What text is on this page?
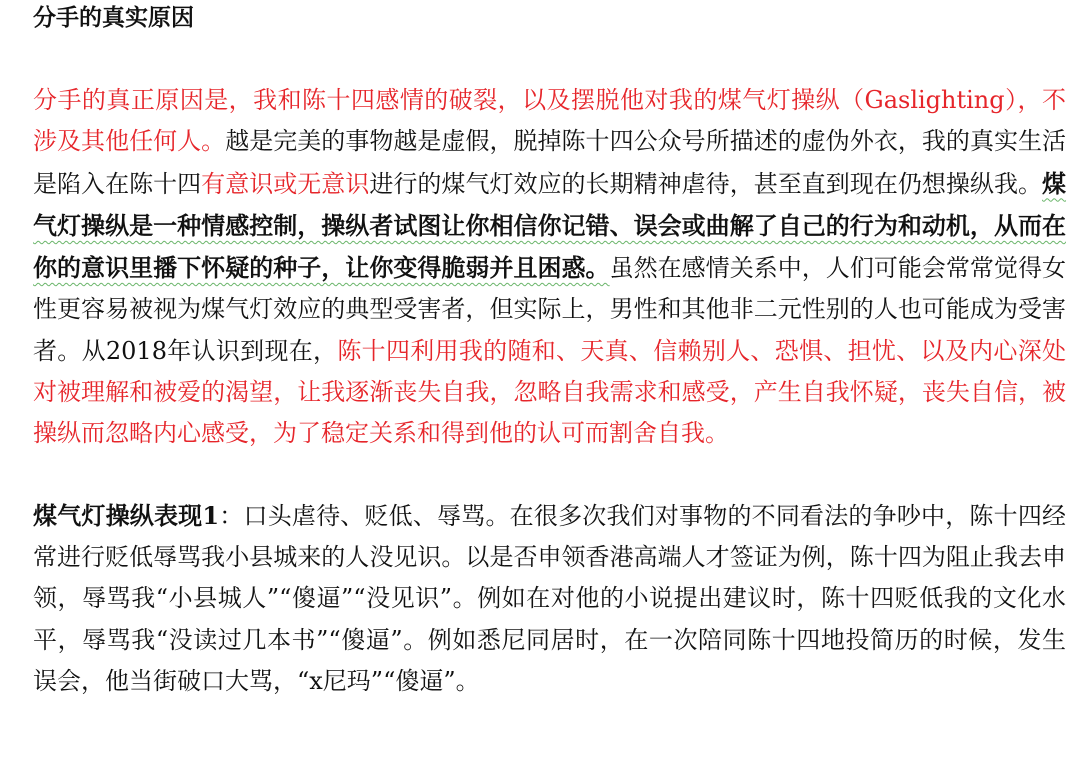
分手的真实原因

分手的真正原因是，我和陈十四感情的破裂，以及摆脱他对我的煤气灯操纵（Gaslighting），不涉及其他任何人。越是完美的事物越是虚假，脱掉陈十四公众号所描述的虚伪外衣，我的真实生活是陷入在陈十四有意识或无意识进行的煤气灯效应的长期精神虐待，甚至直到现在仍想操纵我。煤气灯操纵是一种情感控制，操纵者试图让你相信你记错、误会或曲解了自己的行为和动机，从而在你的意识里播下怀疑的种子，让你变得脆弱并且困惑。虽然在感情关系中，人们可能会常常觉得女性更容易被视为煤气灯效应的典型受害者，但实际上，男性和其他非二元性别的人也可能成为受害者。从2018年认识到现在，陈十四利用我的随和、天真、信赖别人、恐惧、担忧、以及内心深处对被理解和被爱的渴望，让我逐渐丧失自我，忽略自我需求和感受，产生自我怀疑，丧失自信，被操纵而忽略内心感受，为了稳定关系和得到他的认可而割舍自我。

煤气灯操纵表现1：口头虐待、贬低、辱骂。在很多次我们对事物的不同看法的争吵中，陈十四经常进行贬低辱骂我小县城来的人没见识。以是否申领香港高端人才签证为例，陈十四为阻止我去申领，辱骂我“小县城人”“傻逼”“没见识”。例如在对他的小说提出建议时，陈十四贬低我的文化水平，辱骂我“没读过几本书”“傻逼”。例如悉尼同居时，在一次陪同陈十四地投简历的时候，发生误会，他当街破口大骂，“x尼玛”“傻逼”。
